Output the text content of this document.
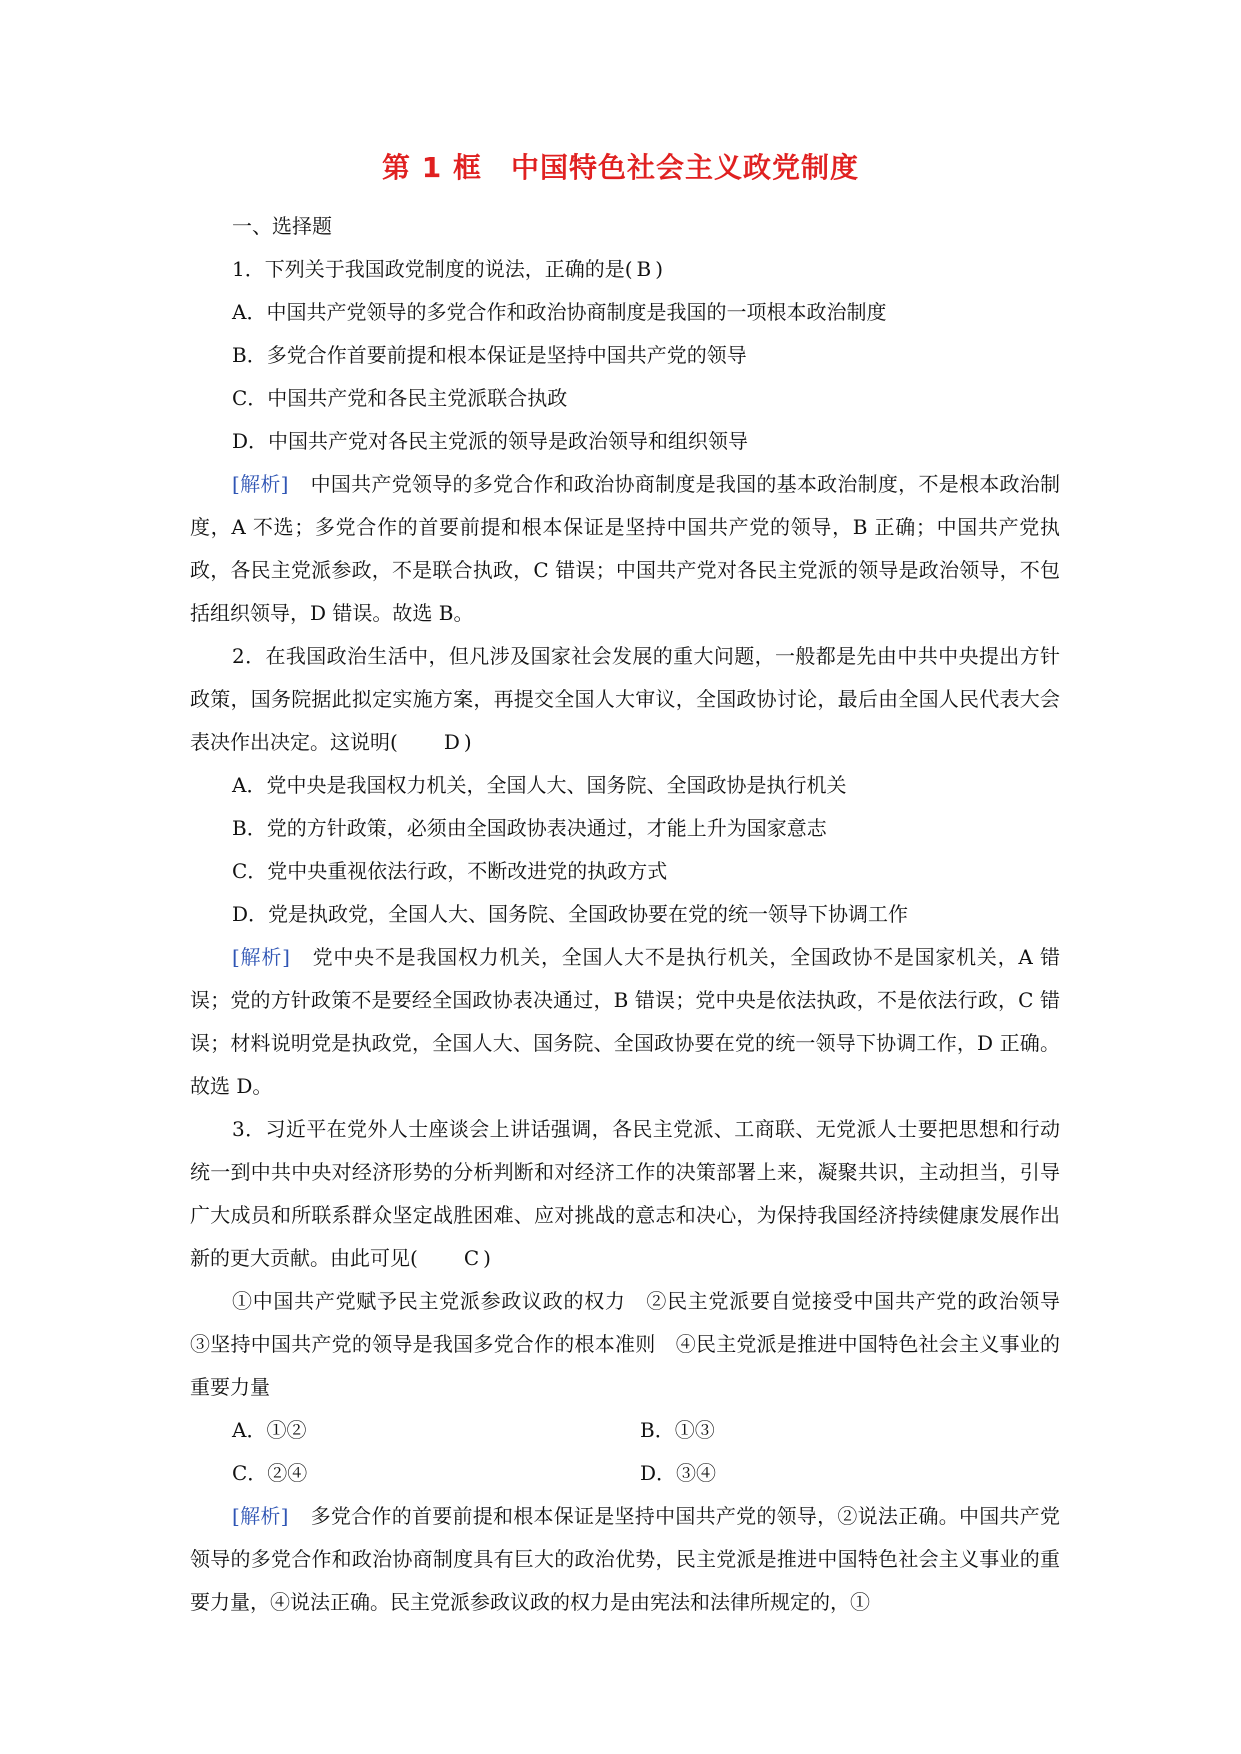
第 1 框　中国特色社会主义政党制度
一、选择题
1．下列关于我国政党制度的说法，正确的是( B )
A．中国共产党领导的多党合作和政治协商制度是我国的一项根本政治制度
B．多党合作首要前提和根本保证是坚持中国共产党的领导
C．中国共产党和各民主党派联合执政
D．中国共产党对各民主党派的领导是政治领导和组织领导
[解析] 中国共产党领导的多党合作和政治协商制度是我国的基本政治制度，不是根本政治制度，A 不选；多党合作的首要前提和根本保证是坚持中国共产党的领导，B 正确；中国共产党执政，各民主党派参政，不是联合执政，C 错误；中国共产党对各民主党派的领导是政治领导，不包括组织领导，D 错误。故选 B。
2．在我国政治生活中，但凡涉及国家社会发展的重大问题，一般都是先由中共中央提出方针政策，国务院据此拟定实施方案，再提交全国人大审议，全国政协讨论，最后由全国人民代表大会表决作出决定。这说明( D )
A．党中央是我国权力机关，全国人大、国务院、全国政协是执行机关
B．党的方针政策，必须由全国政协表决通过，才能上升为国家意志
C．党中央重视依法行政，不断改进党的执政方式
D．党是执政党，全国人大、国务院、全国政协要在党的统一领导下协调工作
[解析] 党中央不是我国权力机关，全国人大不是执行机关，全国政协不是国家机关，A 错误；党的方针政策不是要经全国政协表决通过，B 错误；党中央是依法执政，不是依法行政，C 错误；材料说明党是执政党，全国人大、国务院、全国政协要在党的统一领导下协调工作，D 正确。故选 D。
3．习近平在党外人士座谈会上讲话强调，各民主党派、工商联、无党派人士要把思想和行动统一到中共中央对经济形势的分析判断和对经济工作的决策部署上来，凝聚共识，主动担当，引导广大成员和所联系群众坚定战胜困难、应对挑战的意志和决心，为保持我国经济持续健康发展作出新的更大贡献。由此可见( C )
①中国共产党赋予民主党派参政议政的权力　②民主党派要自觉接受中国共产党的政治领导　③坚持中国共产党的领导是我国多党合作的根本准则　④民主党派是推进中国特色社会主义事业的重要力量
A．①②	B．①③
C．②④	D．③④
[解析] 多党合作的首要前提和根本保证是坚持中国共产党的领导，②说法正确。中国共产党领导的多党合作和政治协商制度具有巨大的政治优势，民主党派是推进中国特色社会主义事业的重要力量，④说法正确。民主党派参政议政的权力是由宪法和法律所规定的，①
